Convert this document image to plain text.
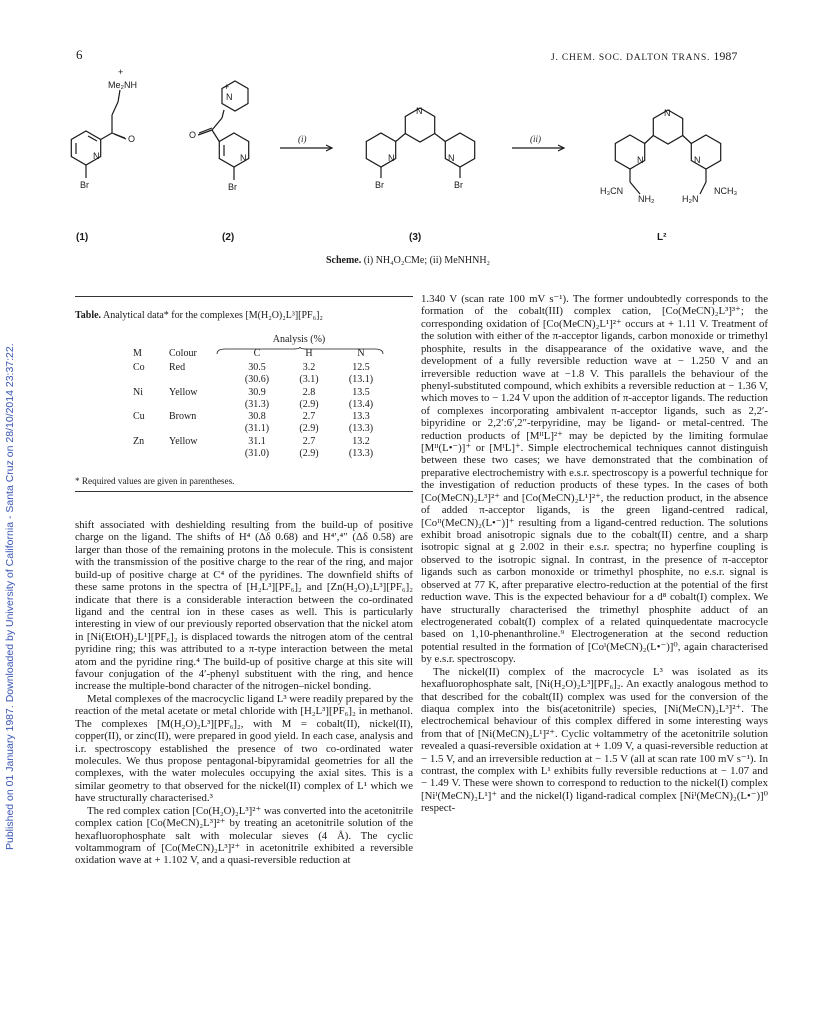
Published on 01 January 1987. Downloaded by University of California - Santa Cruz on 28/10/2014 23:37:22.
6	J. CHEM. SOC. DALTON TRANS. 1987
Me₂NH
+
O
N
Br
N
+
O
N
Br
N
N
N
Br	Br
N
N
N
H₃CN
NH₂	H₂N
NCH₃
(i)	(ii)
(1)	(2)	(3)	L²
Scheme. (i) NH₄O₂CMe; (ii) MeNHNH₂
Table. Analytical data* for the complexes [M(H₂O)₂L³][PF₆]₂
Analysis (%)

M	Colour	C	H	N
Co	Red	30.5	3.2	12.5
		(30.6)	(3.1)	(13.1)
Ni	Yellow	30.9	2.8	13.5
		(31.3)	(2.9)	(13.4)
Cu	Brown	30.8	2.7	13.3
		(31.1)	(2.9)	(13.3)
Zn	Yellow	31.1	2.7	13.2
		(31.0)	(2.9)	(13.3)
* Required values are given in parentheses.

shift associated with deshielding resulting from the build-up of positive charge on the ligand. The shifts of H⁴ (Δδ 0.68) and H⁴′,⁴″ (Δδ 0.58) are larger than those of the remaining protons in the molecule. This is consistent with the transmission of the positive charge to the rear of the ring, and major build-up of positive charge at C⁴ of the pyridines. The downfield shifts of these same protons in the spectra of [H₂L³][PF₆]₂ and [Zn(H₂O)₂L³][PF₆]₂ indicate that there is a considerable interaction between the co-ordinated ligand and the central ion in these cases as well. This is particularly interesting in view of our previously reported observation that the nickel atom in [Ni(EtOH)₂L¹][PF₆]₂ is displaced towards the nitrogen atom of the central pyridine ring; this was attributed to a π-type interaction between the metal atom and the pyridine ring.⁴ The build-up of positive charge at this site will favour conjugation of the 4′-phenyl substituent with the ring, and hence increase the multiple-bond character of the nitrogen–nickel bonding.

Metal complexes of the macrocyclic ligand L³ were readily prepared by the reaction of the metal acetate or metal chloride with [H₂L³][PF₆]₂ in methanol. The complexes [M(H₂O)₂L³][PF₆]₂, with M = cobalt(II), nickel(II), copper(II), or zinc(II), were prepared in good yield. In each case, analysis and i.r. spectroscopy established the presence of two co-ordinated water molecules. We thus propose pentagonal-bipyramidal geometries for all the complexes, with the water molecules occupying the axial sites. This is a similar geometry to that observed for the nickel(II) complex of L¹ which we have structurally characterised.³

The red complex cation [Co(H₂O)₂L³]²⁺ was converted into the acetonitrile complex cation [Co(MeCN)₂L³]²⁺ by treating an acetonitrile solution of the hexafluorophosphate salt with molecular sieves (4 Å). The cyclic voltammogram of [Co(MeCN)₂L³]²⁺ in acetonitrile exhibited a reversible oxidation wave at + 1.102 V, and a quasi-reversible reduction at

1.340 V (scan rate 100 mV s⁻¹). The former undoubtedly corresponds to the formation of the cobalt(III) complex cation, [Co(MeCN)₂L³]³⁺; the corresponding oxidation of [Co(MeCN)₂L¹]²⁺ occurs at + 1.11 V. Treatment of the solution with either of the π-acceptor ligands, carbon monoxide or trimethyl phosphite, results in the disappearance of the oxidative wave, and the development of a fully reversible reduction wave at − 1.250 V and an irreversible reduction wave at −1.8 V. This parallels the behaviour of the phenyl-substituted compound, which exhibits a reversible reduction at − 1.36 V, which moves to − 1.24 V upon the addition of π-acceptor ligands. The reduction of complexes incorporating ambivalent π-acceptor ligands, such as 2,2′-bipyridine or 2,2′:6′,2″-terpyridine, may be ligand- or metal-centred. The reduction products of [MᴵᴵL]²⁺ may be depicted by the limiting formulae [Mᴵᴵ(L•⁻)]⁺ or [MᴵL]⁺. Simple electrochemical techniques cannot distinguish between these two cases; we have demonstrated that the combination of preparative electrochemistry with e.s.r. spectroscopy is a powerful technique for the investigation of reduction products of these types. In the cases of both [Co(MeCN)₂L³]²⁺ and [Co(MeCN)₂L¹]²⁺, the reduction product, in the absence of added π-acceptor ligands, is the green ligand-centred radical, [Coᴵᴵ(MeCN)₂(L•⁻)]⁺ resulting from a ligand-centred reduction. The solutions exhibit broad anisotropic signals due to the cobalt(II) centre, and a sharp isotropic signal at g 2.002 in their e.s.r. spectra; no hyperfine coupling is observed to the isotropic signal. In contrast, in the presence of π-acceptor ligands such as carbon monoxide or trimethyl phosphite, no e.s.r. signal is observed at 77 K, after preparative electro-reduction at the potential of the first reduction wave. This is the expected behaviour for a d⁸ cobalt(I) complex. We have structurally characterised the trimethyl phosphite adduct of an electrogenerated cobalt(I) complex of a related quinquedentate macrocycle based on 1,10-phenanthroline.⁹ Electrogeneration at the second reduction potential resulted in the formation of [Coᴵ(MeCN)₂(L•⁻)]⁰, again characterised by e.s.r. spectroscopy.

The nickel(II) complex of the macrocycle L³ was isolated as its hexafluorophosphate salt, [Ni(H₂O)₂L³][PF₆]₂. An exactly analogous method to that described for the cobalt(II) complex was used for the conversion of the diaqua complex into the bis(acetonitrile) species, [Ni(MeCN)₂L³]²⁺. The electrochemical behaviour of this complex differed in some interesting ways from that of [Ni(MeCN)₂L¹]²⁺. Cyclic voltammetry of the acetonitrile solution revealed a quasi-reversible oxidation at + 1.09 V, a quasi-reversible reduction at − 1.5 V, and an irreversible reduction at − 1.5 V (all at scan rate 100 mV s⁻¹). In contrast, the complex with L¹ exhibits fully reversible reductions at − 1.07 and − 1.49 V. These were shown to correspond to reduction to the nickel(I) complex [Niᴵ(MeCN)₂L¹]⁺ and the nickel(I) ligand-radical complex [Niᴵ(MeCN)₂(L•⁻)]⁰ respect-
